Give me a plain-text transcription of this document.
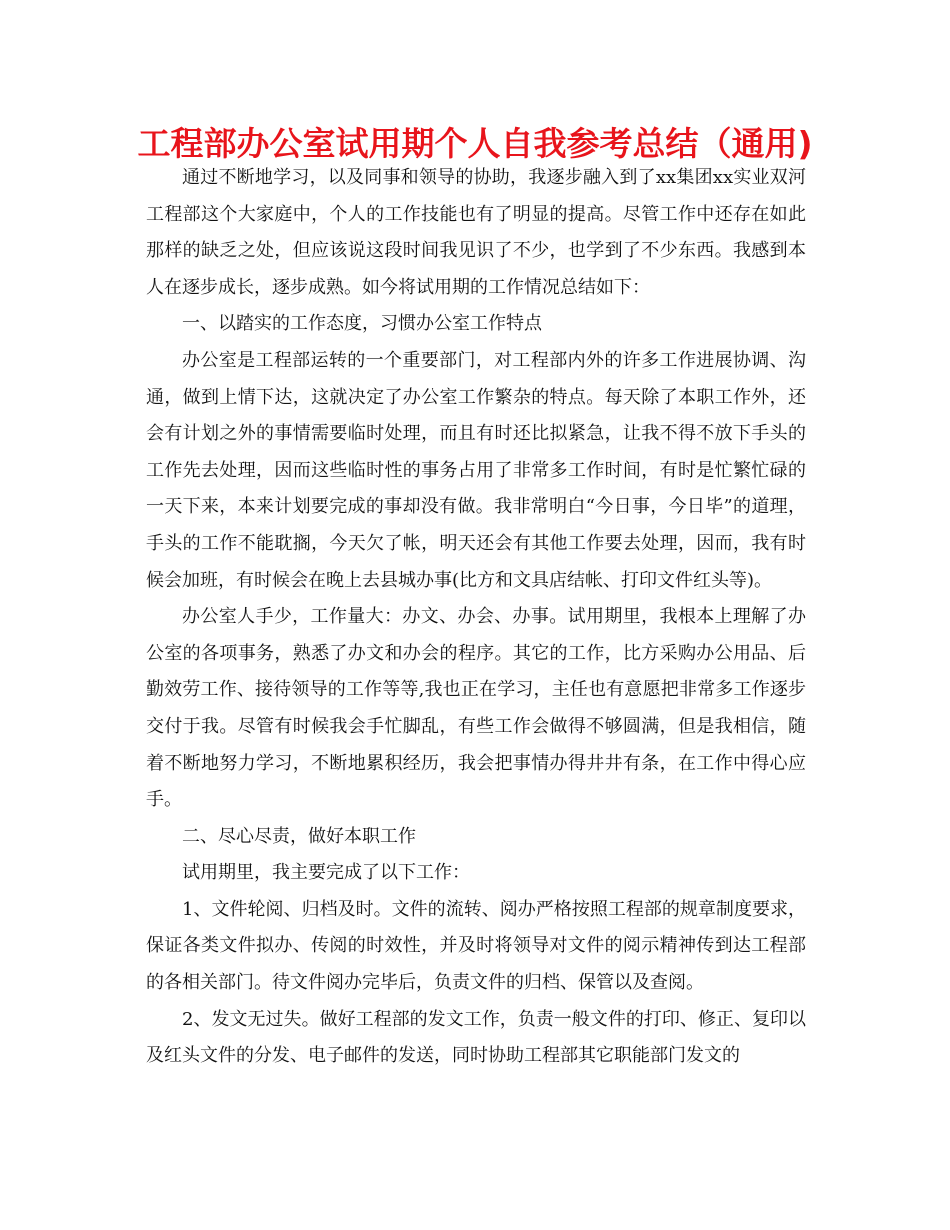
工程部办公室试用期个人自我参考总结（通用)

通过不断地学习，以及同事和领导的协助，我逐步融入到了xx集团xx实业双河工程部这个大家庭中，个人的工作技能也有了明显的提高。尽管工作中还存在如此那样的缺乏之处，但应该说这段时间我见识了不少，也学到了不少东西。我感到本人在逐步成长，逐步成熟。如今将试用期的工作情况总结如下：

一、以踏实的工作态度，习惯办公室工作特点

办公室是工程部运转的一个重要部门，对工程部内外的许多工作进展协调、沟通，做到上情下达，这就决定了办公室工作繁杂的特点。每天除了本职工作外，还会有计划之外的事情需要临时处理，而且有时还比拟紧急，让我不得不放下手头的工作先去处理，因而这些临时性的事务占用了非常多工作时间，有时是忙繁忙碌的一天下来，本来计划要完成的事却没有做。我非常明白“今日事，今日毕”的道理，手头的工作不能耽搁，今天欠了帐，明天还会有其他工作要去处理，因而，我有时候会加班，有时候会在晚上去县城办事(比方和文具店结帐、打印文件红头等)。

办公室人手少，工作量大：办文、办会、办事。试用期里，我根本上理解了办公室的各项事务，熟悉了办文和办会的程序。其它的工作，比方采购办公用品、后勤效劳工作、接待领导的工作等等,我也正在学习，主任也有意愿把非常多工作逐步交付于我。尽管有时候我会手忙脚乱，有些工作会做得不够圆满，但是我相信，随着不断地努力学习，不断地累积经历，我会把事情办得井井有条，在工作中得心应手。

二、尽心尽责，做好本职工作

试用期里，我主要完成了以下工作：

1、文件轮阅、归档及时。文件的流转、阅办严格按照工程部的规章制度要求，保证各类文件拟办、传阅的时效性，并及时将领导对文件的阅示精神传到达工程部的各相关部门。待文件阅办完毕后，负责文件的归档、保管以及查阅。

2、发文无过失。做好工程部的发文工作，负责一般文件的打印、修正、复印以及红头文件的分发、电子邮件的发送，同时协助工程部其它职能部门发文的
